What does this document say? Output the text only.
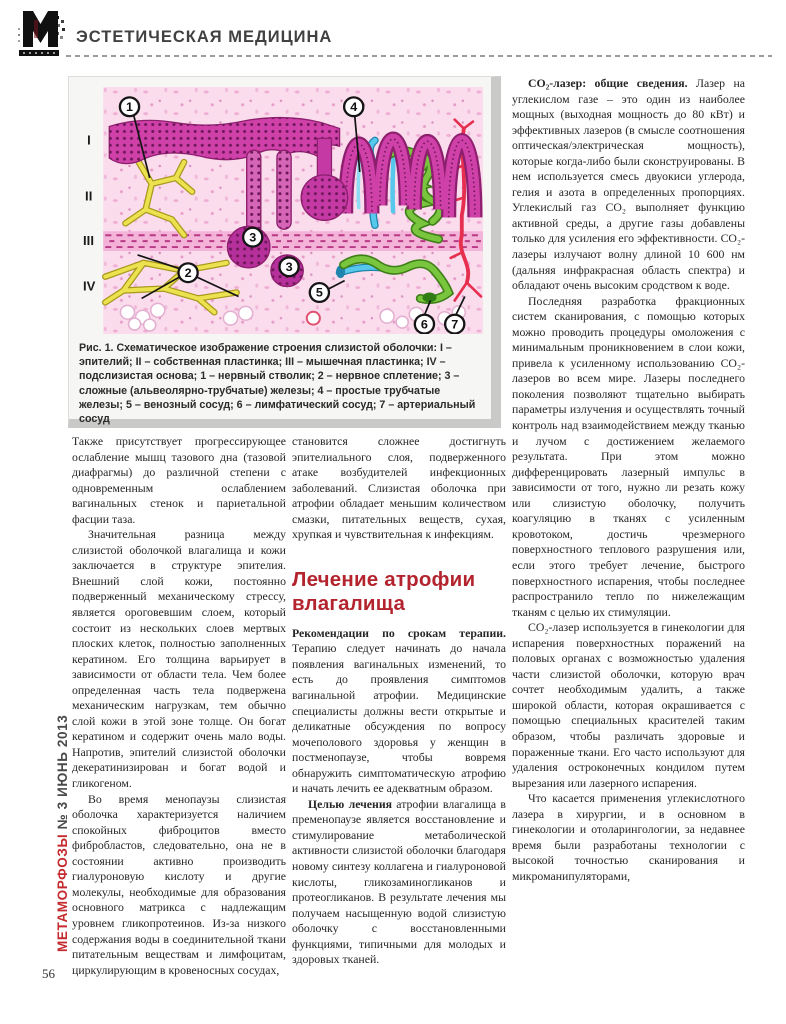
ЭСТЕТИЧЕСКАЯ МЕДИЦИНА
I
II
III
IV
1
2
3
3
4
5
6 7
Рис. 1. Схематическое изображение строения слизистой оболочки: I – эпителий; II – собственная пластинка; III – мышечная пластинка; IV – подслизистая основа; 1 – нервный стволик; 2 – нервное сплетение; 3 – сложные (альвеолярно-трубчатые) железы; 4 – простые трубчатые железы; 5 – венозный сосуд; 6 – лимфатический сосуд; 7 – артериальный сосуд

Также присутствует прогрессирующее ослабление мышц тазового дна (тазовой диафрагмы) до различной степени с одновременным ослаблением вагинальных стенок и париетальной фасции таза.

Значительная разница между слизистой оболочкой влагалища и кожи заключается в структуре эпителия. Внешний слой кожи, постоянно подверженный механическому стрессу, является ороговевшим слоем, который состоит из нескольких слоев мертвых плоских клеток, полностью заполненных кератином. Его толщина варьирует в зависимости от области тела. Чем более определенная часть тела подвержена механическим нагрузкам, тем обычно слой кожи в этой зоне толще. Он богат кератином и содержит очень мало воды. Напротив, эпителий слизистой оболочки декератинизирован и богат водой и гликогеном.

Во время менопаузы слизистая оболочка характеризуется наличием спокойных фиброцитов вместо фибробластов, следовательно, она не в состоянии активно производить гиалуроновую кислоту и другие молекулы, необходимые для образования основного матрикса с надлежащим уровнем гликопротеинов. Из-за низкого содержания воды в соединительной ткани питательным веществам и лимфоцитам, циркулирующим в кровеносных сосудах,

становится сложнее достигнуть эпителиального слоя, подверженного атаке возбудителей инфекционных заболеваний. Слизистая оболочка при атрофии обладает меньшим количеством смазки, питательных веществ, сухая, хрупкая и чувствительная к инфекциям.

Лечение атрофии влагалища

Рекомендации по срокам терапии. Терапию следует начинать до начала появления вагинальных изменений, то есть до проявления симптомов вагинальной атрофии. Медицинские специалисты должны вести открытые и деликатные обсуждения по вопросу мочеполового здоровья у женщин в постменопаузе, чтобы вовремя обнаружить симптоматическую атрофию и начать лечить ее адекватным образом.

Целью лечения атрофии влагалища в пременопаузе является восстановление и стимулирование метаболической активности слизистой оболочки благодаря новому синтезу коллагена и гиалуроновой кислоты, гликозаминогликанов и протеогликанов. В результате лечения мы получаем насыщенную водой слизистую оболочку с восстановленными функциями, типичными для молодых и здоровых тканей.

CO₂-лазер: общие сведения. Лазер на углекислом газе – это один из наиболее мощных (выходная мощность до 80 кВт) и эффективных лазеров (в смысле соотношения оптическая/электрическая мощность), которые когда-либо были сконструированы. В нем используется смесь двуокиси углерода, гелия и азота в определенных пропорциях. Углекислый газ CO₂ выполняет функцию активной среды, а другие газы добавлены только для усиления его эффективности. CO₂-лазеры излучают волну длиной 10 600 нм (дальняя инфракрасная область спектра) и обладают очень высоким сродством к воде.

Последняя разработка фракционных систем сканирования, с помощью которых можно проводить процедуры омоложения с минимальным проникновением в слои кожи, привела к усиленному использованию CO₂-лазеров во всем мире. Лазеры последнего поколения позволяют тщательно выбирать параметры излучения и осуществлять точный контроль над взаимодействием между тканью и лучом с достижением желаемого результата. При этом можно дифференцировать лазерный импульс в зависимости от того, нужно ли резать кожу или слизистую оболочку, получить коагуляцию в тканях с усиленным кровотоком, достичь чрезмерного поверхностного теплового разрушения или, если этого требует лечение, быстрого поверхностного испарения, чтобы последнее распространило тепло по нижележащим тканям с целью их стимуляции.

CO₂-лазер используется в гинекологии для испарения поверхностных поражений на половых органах с возможностью удаления части слизистой оболочки, которую врач сочтет необходимым удалить, а также широкой области, которая окрашивается с помощью специальных красителей таким образом, чтобы различать здоровые и пораженные ткани. Его часто используют для удаления остроконечных кондилом путем вырезания или лазерного испарения.

Что касается применения углекислотного лазера в хирургии, и в основном в гинекологии и отоларингологии, за недавнее время были разработаны технологии с высокой точностью сканирования и микроманипуляторами,

МЕТАМОРФОЗЫ № 3 ИЮНЬ 2013
56
